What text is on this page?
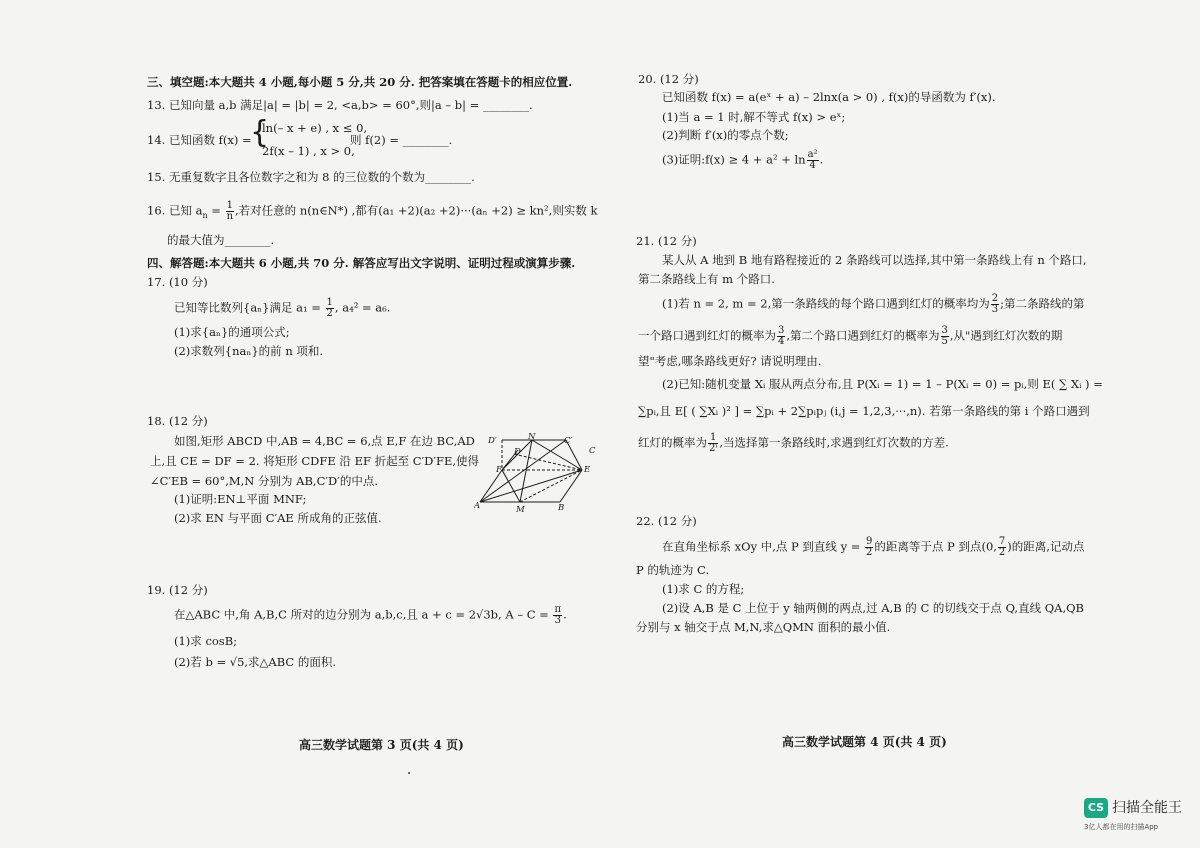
三、填空题:本大题共 4 小题,每小题 5 分,共 20 分. 把答案填在答题卡的相应位置.
13. 已知向量 a,b 满足|a| = |b| = 2, <a,b> = 60°,则|a – b| = ________.
14. 已知函数 f(x) =
{
ln(– x + e) , x ≤ 0,
2f(x – 1) , x > 0,
则 f(2) = ________.
15. 无重复数字且各位数字之和为 8 的三位数的个数为________.
16. 已知 $a_n = \frac{1}{n}$ ,若对任意的 n(n∈N*) ,都有(a₁ +2)(a₂ +2)···(aₙ +2) ≥ kn²,则实数 k
的最大值为________.
四、解答题:本大题共 6 小题,共 70 分. 解答应写出文字说明、证明过程或演算步骤.
17. (10 分)
已知等比数列{aₙ}满足 $a_1 = \frac{1}{2}$ , a₄² = a₆.
(1)求{aₙ}的通项公式;
(2)求数列{naₙ}的前 n 项和.
18. (12 分)
如图,矩形 ABCD 中,AB = 4,BC = 6,点 E,F 在边 BC,AD
上,且 CE = DF = 2. 将矩形 CDFE 沿 EF 折起至 C′D′FE,使得
∠C′EB = 60°,M,N 分别为 AB,C′D′的中点.
(1)证明:EN⊥平面 MNF;
(2)求 EN 与平面 C′AE 所成角的正弦值.
D′	N	C′
C
D
F	E
A	M	B
19. (12 分)
在△ABC 中,角 A,B,C 所对的边分别为 a,b,c,且 a + c = 2√3b, $A - C = \frac{\pi}{3}$ .
(1)求 cosB;
(2)若 b = √5,求△ABC 的面积.
高三数学试题第 3 页(共 4 页)
20. (12 分)
已知函数 f(x) = a(eˣ + a) – 2lnx(a > 0) , f(x)的导函数为 f′(x).
(1)当 a = 1 时,解不等式 f(x) > eˣ;
(2)判断 f′(x)的零点个数;
(3)证明:f(x) ≥ $4 + a^2 + \ln \frac{\text{a²}}{4}$ .
21. (12 分)
某人从 A 地到 B 地有路程接近的 2 条路线可以选择,其中第一条路线上有 n 个路口,
第二条路线上有 m 个路口.
(1)若 n = 2, m = 2,第一条路线的每个路口遇到红灯的概率均为 $\frac{2}{3}$ ;第二条路线的第
一个路口遇到红灯的概率为 $\frac{3}{4}$ ,第二个路口遇到红灯的概率为 $\frac{3}{5}$ ,从"遇到红灯次数的期
望"考虑,哪条路线更好? 请说明理由.
(2)已知:随机变量 Xᵢ 服从两点分布,且 P(Xᵢ = 1) = 1 – P(Xᵢ = 0) = pᵢ,则 E( ∑ Xᵢ ) =
∑pᵢ,且 E[ ( ∑Xᵢ )² ] = ∑pᵢ + 2∑pᵢpⱼ (i,j = 1,2,3,···,n). 若第一条路线的第 i 个路口遇到
红灯的概率为 $\frac{1}{\text{2ⁱ}}$ ,当选择第一条路线时,求遇到红灯次数的方差.
22. (12 分)
在直角坐标系 xOy 中,点 P 到直线 $y = \frac{9}{2}$ 的距离等于点 P 到点(0, $\frac{7}{2}$ )的距离,记动点
P 的轨迹为 C.
(1)求 C 的方程;
(2)设 A,B 是 C 上位于 y 轴两侧的两点,过 A,B 的 C 的切线交于点 Q,直线 QA,QB
分别与 x 轴交于点 M,N,求△QMN 面积的最小值.
高三数学试题第 4 页(共 4 页)
CS 扫描全能王
3亿人都在用的扫描App
